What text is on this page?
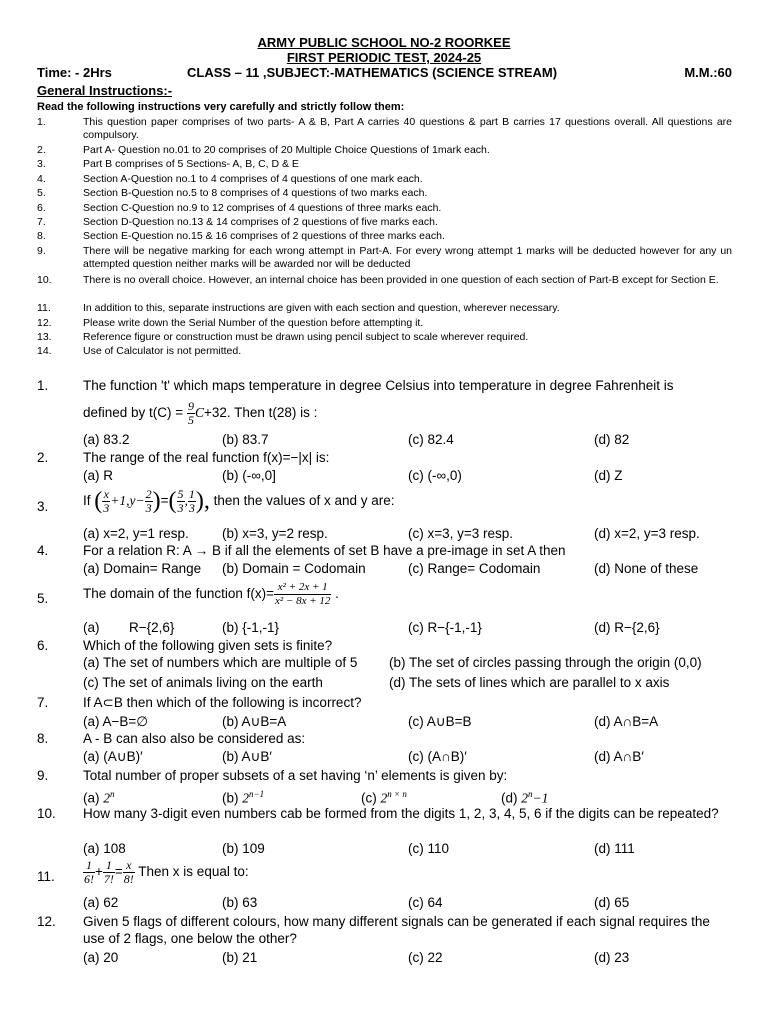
ARMY PUBLIC SCHOOL NO-2 ROORKEE
FIRST PERIODIC TEST, 2024-25
Time: - 2Hrs	CLASS – 11 ,SUBJECT:-MATHEMATICS (SCIENCE STREAM)	M.M.:60
General Instructions:-
Read the following instructions very carefully and strictly follow them:
1.	This question paper comprises of two parts- A & B, Part A carries 40 questions & part B carries 17 questions overall. All questions are compulsory.
2.	Part A- Question no.01 to 20 comprises of 20 Multiple Choice Questions of 1mark each.
3.	Part B comprises of 5 Sections- A, B, C, D & E
4.	Section A-Question no.1 to 4 comprises of 4 questions of one mark each.
5.	Section B-Question no.5 to 8 comprises of 4 questions of two marks each.
6.	Section C-Question no.9 to 12 comprises of 4 questions of three marks each.
7.	Section D-Question no.13 & 14 comprises of 2 questions of five marks each.
8.	Section E-Question no.15 & 16 comprises of 2 questions of three marks each.
9.	There will be negative marking for each wrong attempt in Part-A. For every wrong attempt 1 marks will be deducted however for any un attempted question neither marks will be awarded nor will be deducted
10.	There is no overall choice. However, an internal choice has been provided in one question of each section of Part-B except for Section E.
11.	In addition to this, separate instructions are given with each section and question, wherever necessary.
12.	Please write down the Serial Number of the question before attempting it.
13.	Reference figure or construction must be drawn using pencil subject to scale wherever required.
14.	Use of Calculator is not permitted.
1.	The function 't' which maps temperature in degree Celsius into temperature in degree Fahrenheit is
defined by $t(C) = \frac{9}{5} C+32$. Then t(28) is :
(a) 83.2	(b) 83.7	(c) 82.4	(d) 82
2.	The range of the real function f(x)=−|x| is:
(a) R	(b) (-∞,0]	(c) (-∞,0)	(d) Z
3.	If ( $\frac{x}{3} +1,y- \frac{2}{3}$ )=( $\frac{5}{3}$ , $\frac{1}{3}$ ), then the values of x and y are:
(a) x=2, y=1 resp. (b) x=3, y=2 resp.	(c) x=3, y=3 resp.	(d) x=2, y=3 resp.
4.	For a relation R: A → B if all the elements of set B have a pre-image in set A then
(a) Domain= Range (b) Domain = Codomain	(c) Range= Codomain	(d) None of these
5.	The domain of the function $f(x)= \frac{\text{x² + 2x + 1}}{\text{x² − 8x + 12}}$ .
(a) R−{2,6}	(b) {-1,-1}	(c) R−{-1,-1}	(d) R−{2,6}
6.	Which of the following given sets is finite?
(a) The set of numbers which are multiple of 5 (b) The set of circles passing through the origin (0,0)
(c) The set of animals living on the earth	(d) The sets of lines which are parallel to x axis
7.	If A⊂B then which of the following is incorrect?
(a) A−B=∅	(b) A∪B=A	(c) A∪B=B	(d) A∩B=A
8.	A - B can also also be considered as:
(a) (A∪B)′	(b) A∪B′	(c) (A∩B)′	(d) A∩B′
9.	Total number of proper subsets of a set having ‘n’ elements is given by:
(a) 2$^n$	(b) $2^{n-1}$	(c) $2^{n \times n}$	(d) $2^n-1$
10. How many 3-digit even numbers cab be formed from the digits 1, 2, 3, 4, 5, 6 if the digits can be repeated?
(a) 108	(b) 109	(c) 110	(d) 111
11. $\frac{1}{6!} + \frac{1}{7!} = \frac{x}{8!}$ Then x is equal to:
(a) 62	(b) 63	(c) 64	(d) 65
12. Given 5 flags of different colours, how many different signals can be generated if each signal requires the use of 2 flags, one below the other?
(a) 20	(b) 21	(c) 22	(d) 23
